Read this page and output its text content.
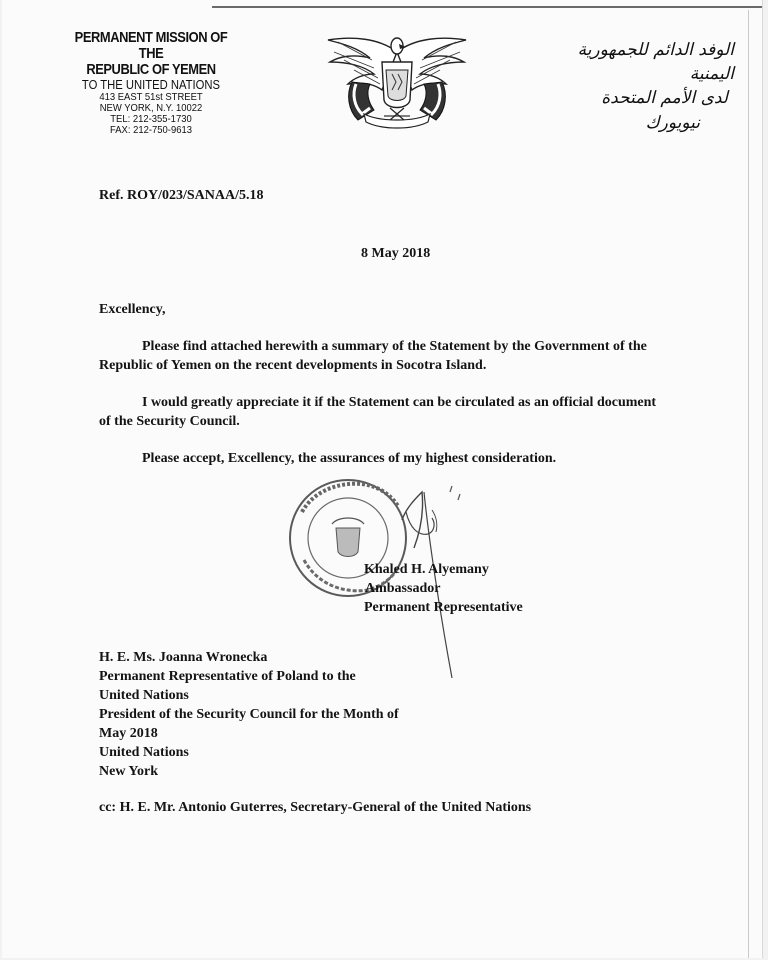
PERMANENT MISSION OF THE
REPUBLIC OF YEMEN
TO THE UNITED NATIONS
413 EAST 51st STREET
NEW YORK, N.Y. 10022
TEL: 212-355-1730
FAX: 212-750-9613
الوفد الدائم للجمهورية اليمنية
لدى الأمم المتحدة
نيويورك
Ref. ROY/023/SANAA/5.18
8 May 2018
Excellency,
Please find attached herewith a summary of the Statement by the Government of the
Republic of Yemen on the recent developments in Socotra Island.
I would greatly appreciate it if the Statement can be circulated as an official document
of the Security Council.
Please accept, Excellency, the assurances of my highest consideration.
Khaled H. Alyemany
Ambassador
Permanent Representative
H. E. Ms. Joanna Wronecka
Permanent Representative of Poland to the
United Nations
President of the Security Council for the Month of
May 2018
United Nations
New York
cc: H. E. Mr. Antonio Guterres, Secretary-General of the United Nations
